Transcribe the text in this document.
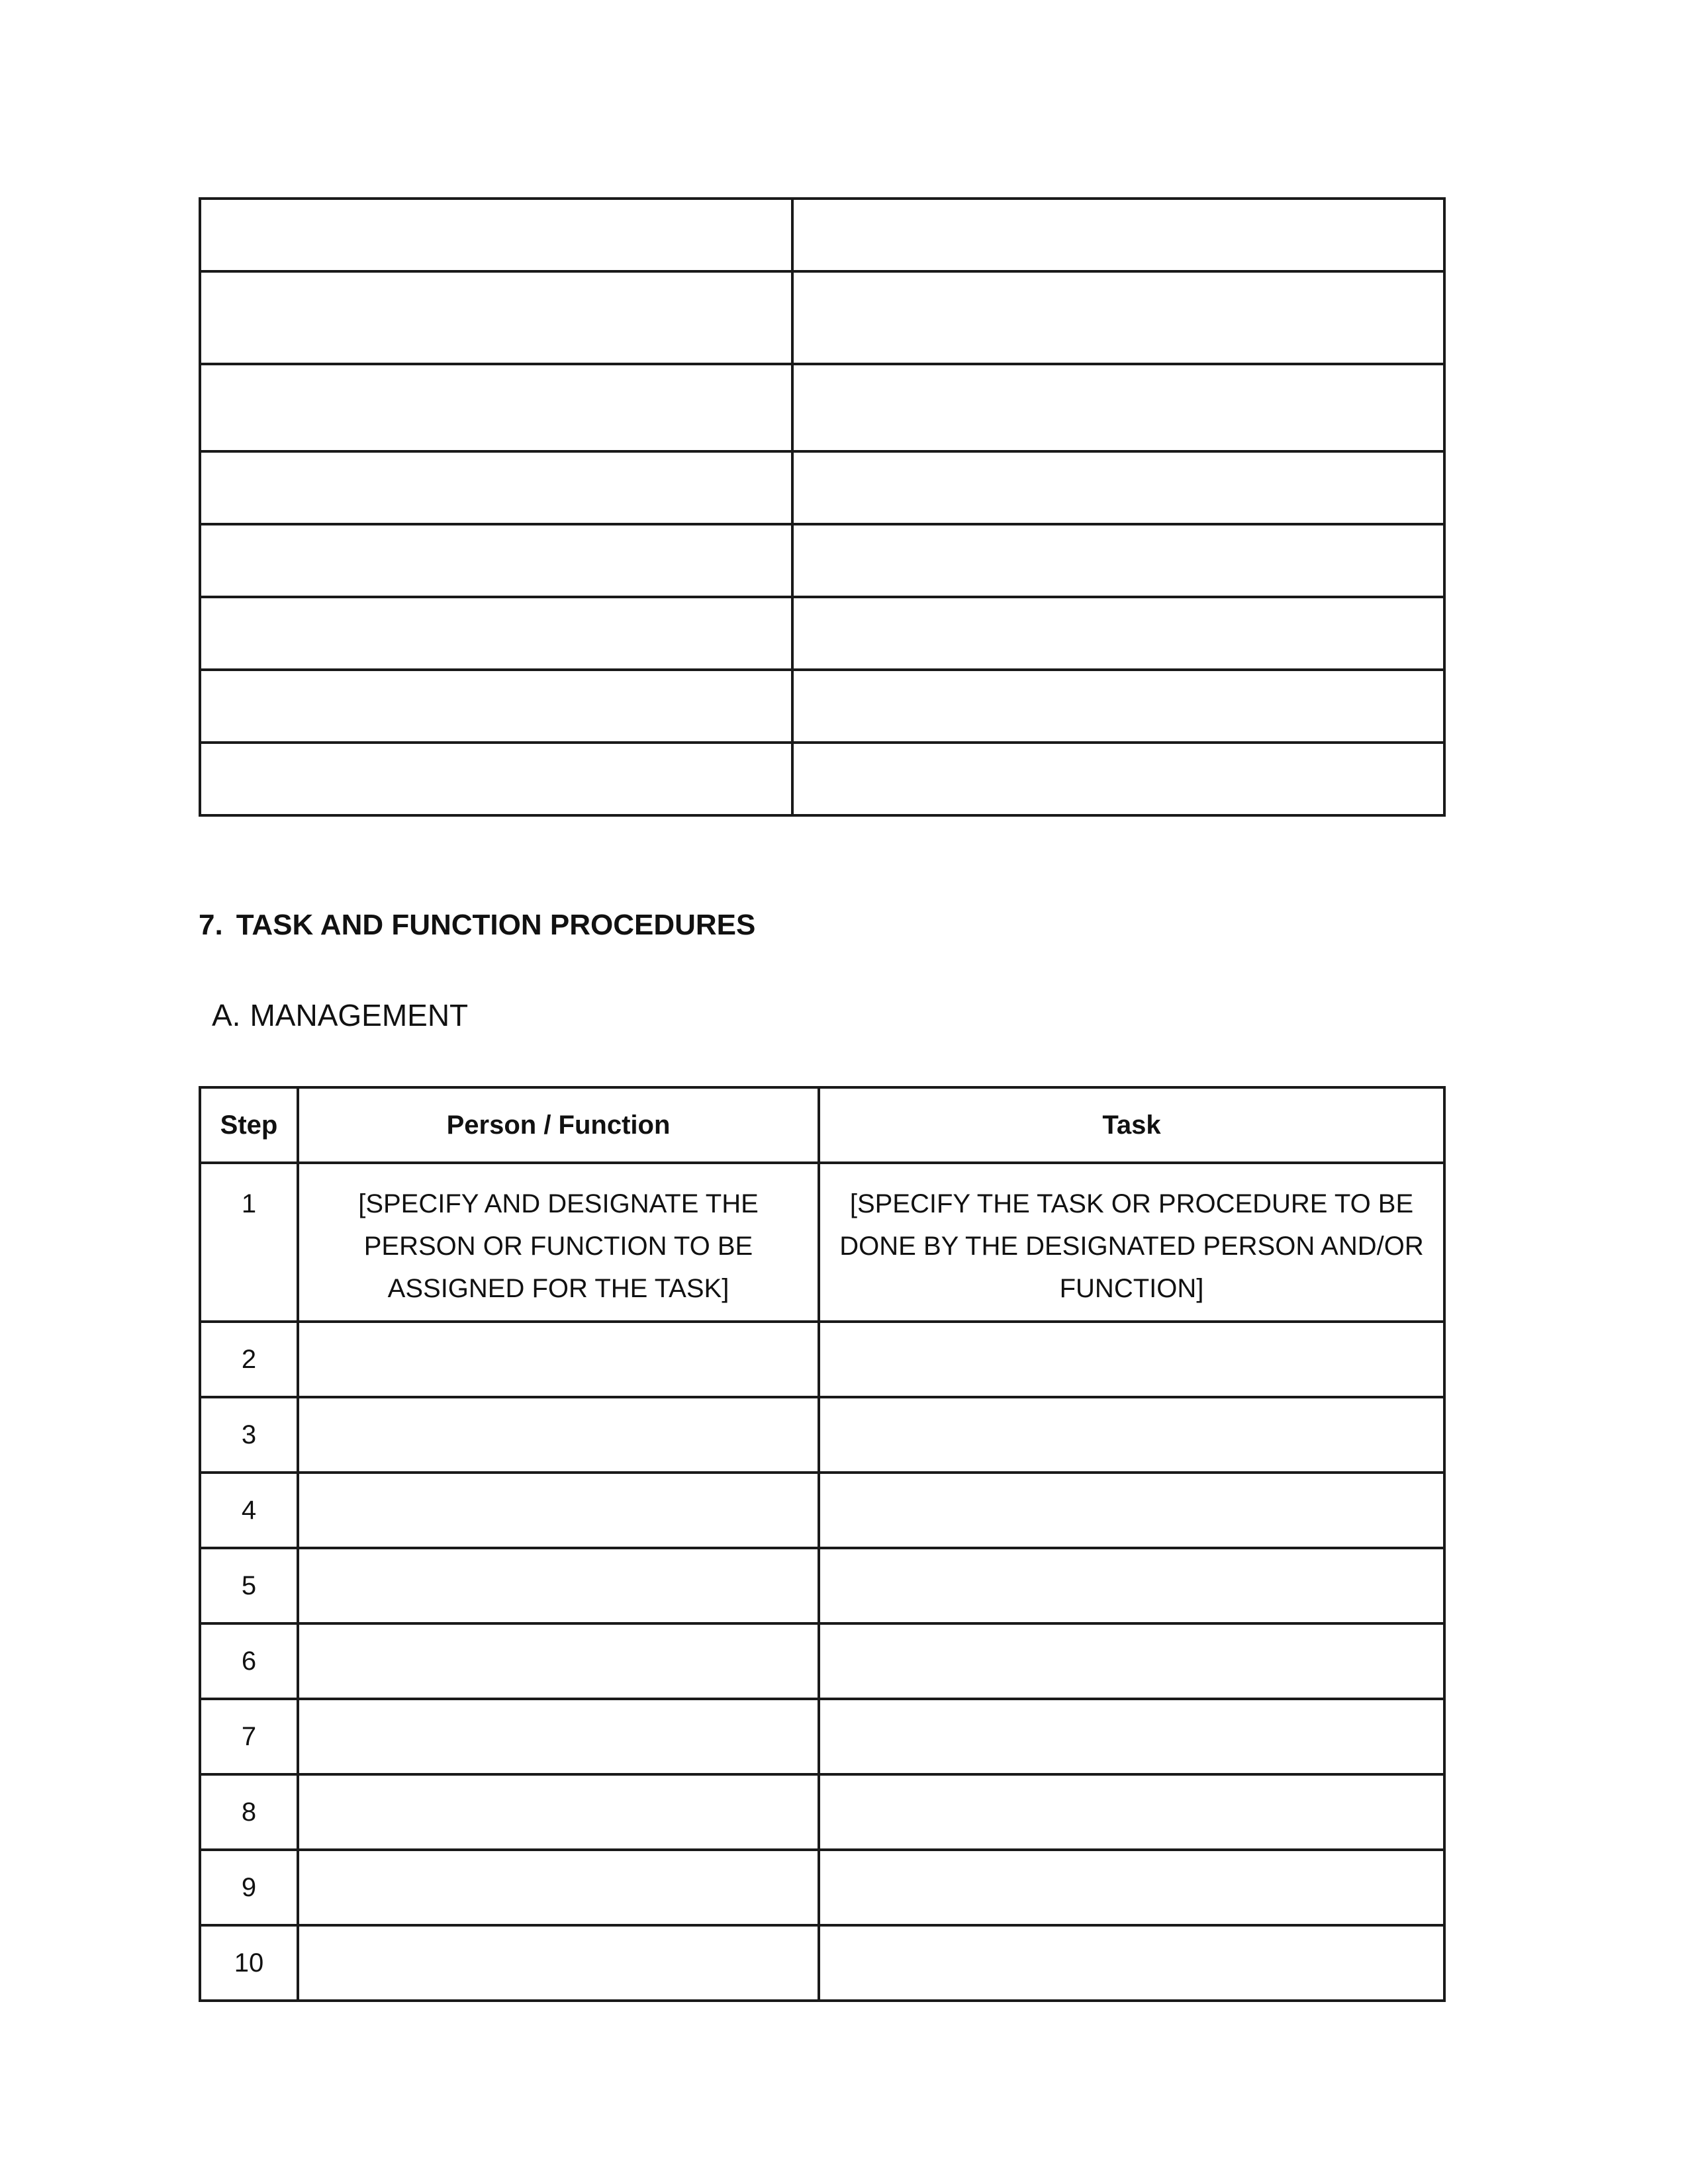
7. TASK AND FUNCTION PROCEDURES
A. MANAGEMENT
Step	Person / Function	Task
1	[SPECIFY AND DESIGNATE THE PERSON OR FUNCTION TO BE ASSIGNED FOR THE TASK]	[SPECIFY THE TASK OR PROCEDURE TO BE DONE BY THE DESIGNATED PERSON AND/OR FUNCTION]
2		
3		
4		
5		
6		
7		
8		
9		
10		
